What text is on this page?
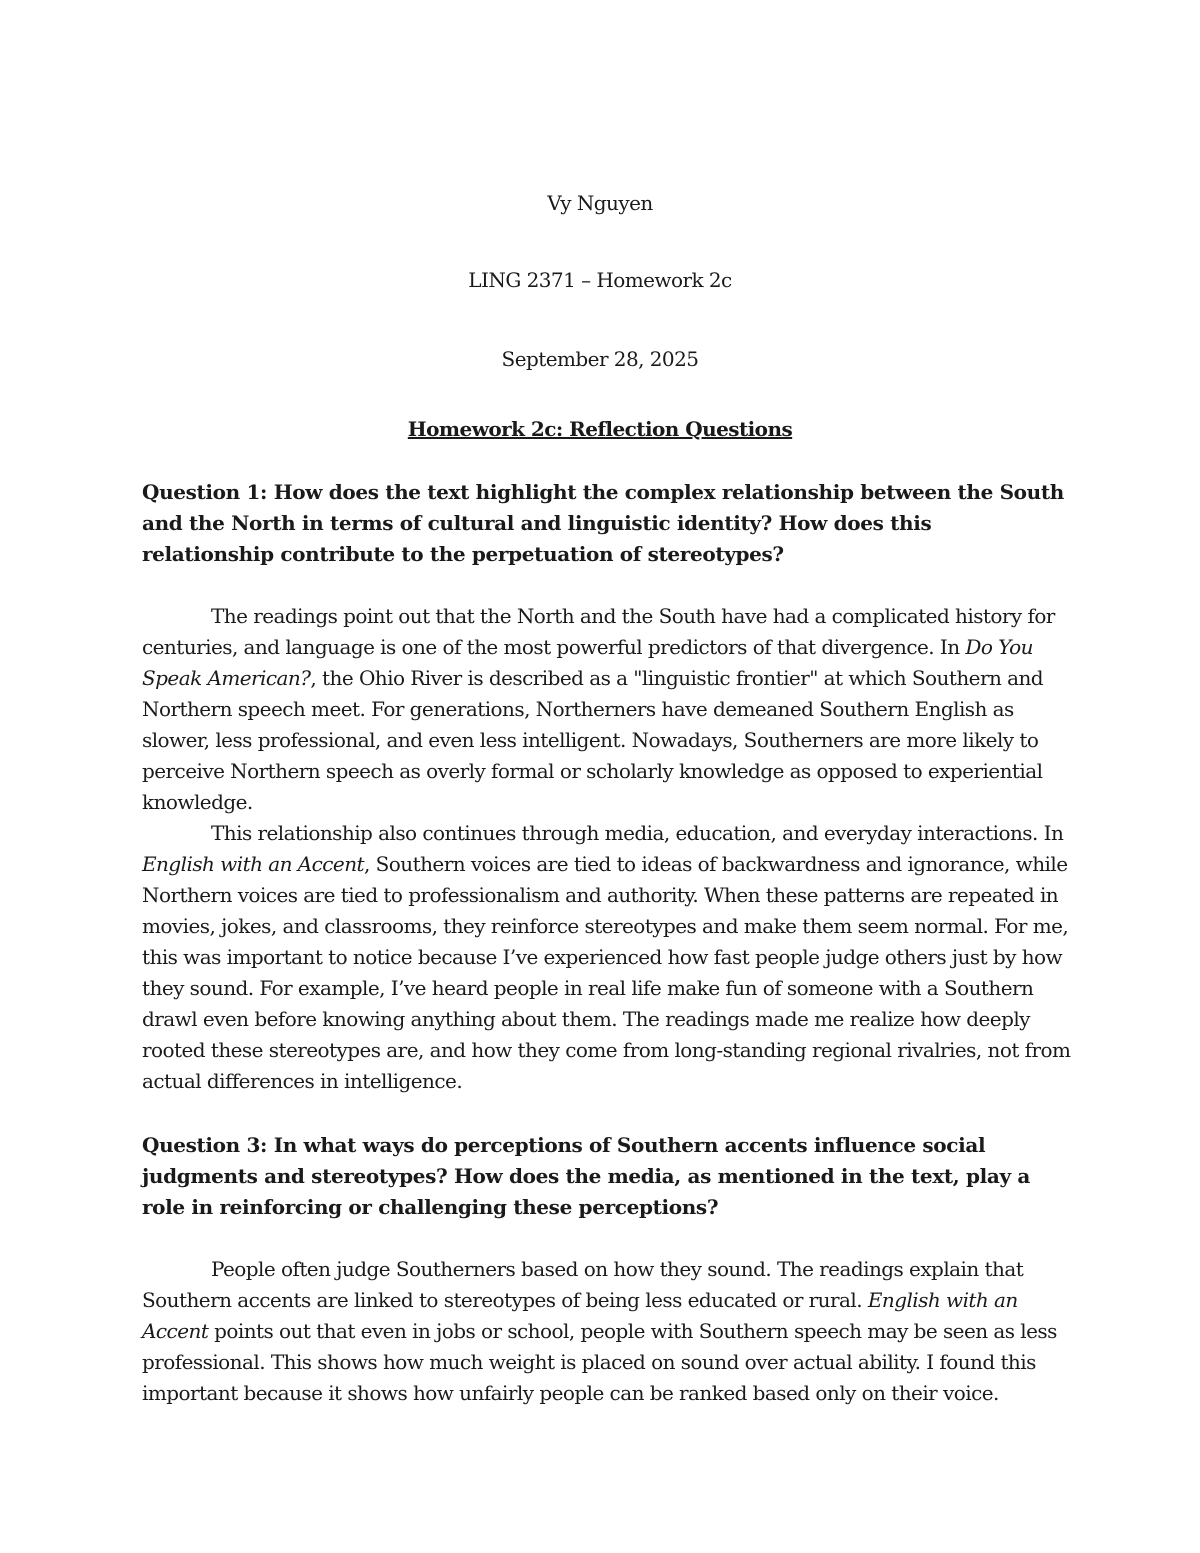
Vy Nguyen
LING 2371 – Homework 2c
September 28, 2025
Homework 2c: Reflection Questions
Question 1: How does the text highlight the complex relationship between the South and the North in terms of cultural and linguistic identity? How does this relationship contribute to the perpetuation of stereotypes?
The readings point out that the North and the South have had a complicated history for centuries, and language is one of the most powerful predictors of that divergence. In Do You Speak American?, the Ohio River is described as a "linguistic frontier" at which Southern and Northern speech meet. For generations, Northerners have demeaned Southern English as slower, less professional, and even less intelligent. Nowadays, Southerners are more likely to perceive Northern speech as overly formal or scholarly knowledge as opposed to experiential knowledge.
This relationship also continues through media, education, and everyday interactions. In English with an Accent, Southern voices are tied to ideas of backwardness and ignorance, while Northern voices are tied to professionalism and authority. When these patterns are repeated in movies, jokes, and classrooms, they reinforce stereotypes and make them seem normal. For me, this was important to notice because I’ve experienced how fast people judge others just by how they sound. For example, I’ve heard people in real life make fun of someone with a Southern drawl even before knowing anything about them. The readings made me realize how deeply rooted these stereotypes are, and how they come from long-standing regional rivalries, not from actual differences in intelligence.
Question 3: In what ways do perceptions of Southern accents influence social judgments and stereotypes? How does the media, as mentioned in the text, play a role in reinforcing or challenging these perceptions?
People often judge Southerners based on how they sound. The readings explain that Southern accents are linked to stereotypes of being less educated or rural. English with an Accent points out that even in jobs or school, people with Southern speech may be seen as less professional. This shows how much weight is placed on sound over actual ability. I found this important because it shows how unfairly people can be ranked based only on their voice.
